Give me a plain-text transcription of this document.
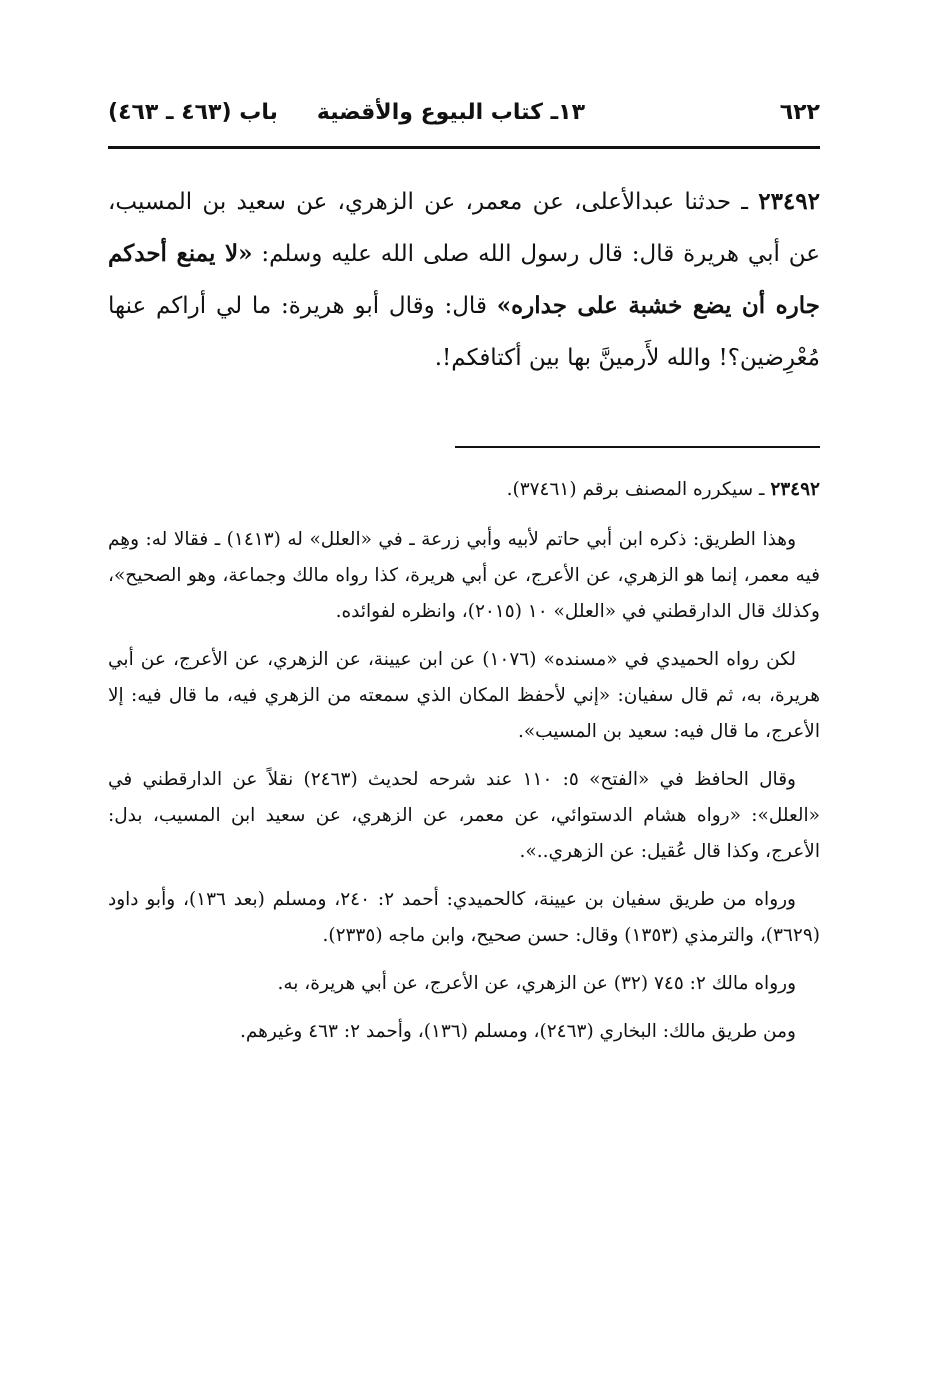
٦٢٢
١٣ـ كتاب البيوع والأقضية
باب (٤٦٣ ـ ٤٦٣)

٢٣٤٩٢ ـ حدثنا عبدالأعلى، عن معمر، عن الزهري، عن سعيد بن المسيب، عن أبي هريرة قال: قال رسول الله صلى الله عليه وسلم: «لا يمنع أحدكم جاره أن يضع خشبة على جداره» قال: وقال أبو هريرة: ما لي أراكم عنها مُعْرِضين؟! والله لأَرمينَّ بها بين أكتافكم!.

٢٣٤٩٢ ـ سيكرره المصنف برقم (٣٧٤٦١).

وهذا الطريق: ذكره ابن أبي حاتم لأبيه وأبي زرعة ـ في «العلل» له (١٤١٣) ـ فقالا له: وهِم فيه معمر، إنما هو الزهري، عن الأعرج، عن أبي هريرة، كذا رواه مالك وجماعة، وهو الصحيح»، وكذلك قال الدارقطني في «العلل» ١٠ (٢٠١٥)، وانظره لفوائده.

لكن رواه الحميدي في «مسنده» (١٠٧٦) عن ابن عيينة، عن الزهري، عن الأعرج، عن أبي هريرة، به، ثم قال سفيان: «إني لأحفظ المكان الذي سمعته من الزهري فيه، ما قال فيه: إلا الأعرج، ما قال فيه: سعيد بن المسيب».

وقال الحافظ في «الفتح» ٥: ١١٠ عند شرحه لحديث (٢٤٦٣) نقلاً عن الدارقطني في «العلل»: «رواه هشام الدستوائي، عن معمر، عن الزهري، عن سعيد ابن المسيب، بدل: الأعرج، وكذا قال عُقيل: عن الزهري..».

ورواه من طريق سفيان بن عيينة، كالحميدي: أحمد ٢: ٢٤٠، ومسلم (بعد ١٣٦)، وأبو داود (٣٦٢٩)، والترمذي (١٣٥٣) وقال: حسن صحيح، وابن ماجه (٢٣٣٥).

ورواه مالك ٢: ٧٤٥ (٣٢) عن الزهري، عن الأعرج، عن أبي هريرة، به.

ومن طريق مالك: البخاري (٢٤٦٣)، ومسلم (١٣٦)، وأحمد ٢: ٤٦٣ وغيرهم.
